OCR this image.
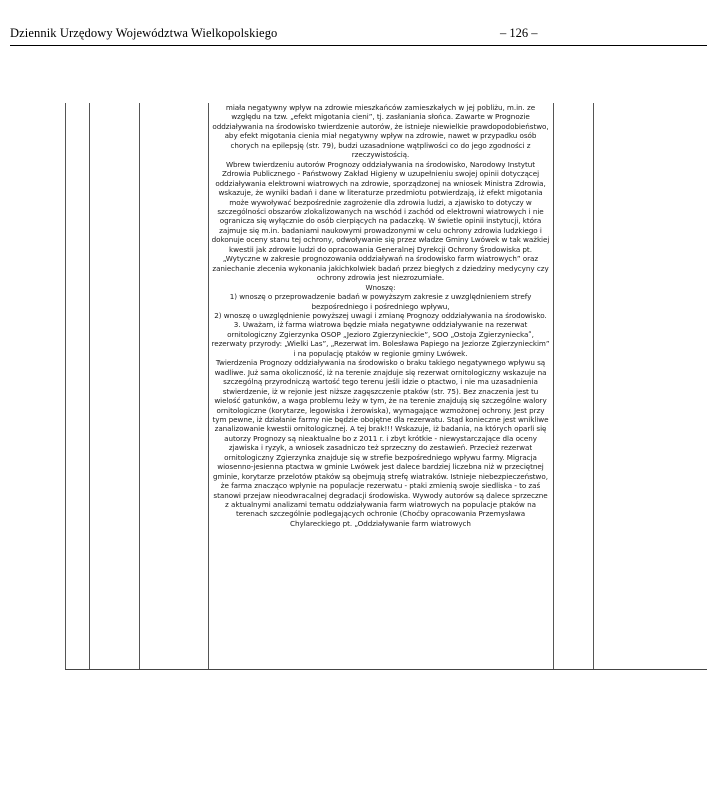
Dziennik Urzędowy Województwa Wielkopolskiego	– 126 –

miała negatywny wpływ na zdrowie mieszkańców zamieszkałych w jej pobliżu, m.in. ze względu na tzw. „efekt migotania cieni”, tj. zasłaniania słońca. Zawarte w Prognozie oddziaływania na środowisko twierdzenie autorów, że istnieje niewielkie prawdopodobieństwo, aby efekt migotania cienia miał negatywny wpływ na zdrowie, nawet w przypadku osób chorych na epilepsję (str. 79), budzi uzasadnione wątpliwości co do jego zgodności z rzeczywistością.

Wbrew twierdzeniu autorów Prognozy oddziaływania na środowisko, Narodowy Instytut Zdrowia Publicznego - Państwowy Zakład Higieny w uzupełnieniu swojej opinii dotyczącej oddziaływania elektrowni wiatrowych na zdrowie, sporządzonej na wniosek Ministra Zdrowia, wskazuje, że wyniki badań i dane w literaturze przedmiotu potwierdzają, iż efekt migotania może wywoływać bezpośrednie zagrożenie dla zdrowia ludzi, a zjawisko to dotyczy w szczególności obszarów zlokalizowanych na wschód i zachód od elektrowni wiatrowych i nie ogranicza się wyłącznie do osób cierpiących na padaczkę. W świetle opinii instytucji, która zajmuje się m.in. badaniami naukowymi prowadzonymi w celu ochrony zdrowia ludzkiego i dokonuje oceny stanu tej ochrony, odwoływanie się przez władze Gminy Lwówek w tak ważkiej kwestii jak zdrowie ludzi do opracowania Generalnej Dyrekcji Ochrony Środowiska pt. „Wytyczne w zakresie prognozowania oddziaływań na środowisko farm wiatrowych” oraz zaniechanie zlecenia wykonania jakichkolwiek badań przez biegłych z dziedziny medycyny czy ochrony zdrowia jest niezrozumiałe.

Wnoszę:

1) wnoszę o przeprowadzenie badań w powyższym zakresie z uwzględnieniem strefy bezpośredniego i pośredniego wpływu,

2) wnoszę o uwzględnienie powyższej uwagi i zmianę Prognozy oddziaływania na środowisko.

3. Uważam, iż farma wiatrowa będzie miała negatywne oddziaływanie na rezerwat ornitologiczny Zgierzynka OSOP „Jezioro Zgierzynieckie”, SOO „Ostoja Zgierzynieckaʺ, rezerwaty przyrody: „Wielki Las”, „Rezerwat im. Bolesława Papiego na Jeziorze Zgierzynieckim” i na populację ptaków w regionie gminy Lwówek.

Twierdzenia Prognozy oddziaływania na środowisko o braku takiego negatywnego wpływu są wadliwe. Już sama okoliczność, iż na terenie znajduje się rezerwat ornitologiczny wskazuje na szczególną przyrodniczą wartość tego terenu jeśli idzie o ptactwo, i nie ma uzasadnienia stwierdzenie, iż w rejonie jest niższe zagęszczenie ptaków (str. 75). Bez znaczenia jest tu wielość gatunków, a waga problemu leży w tym, że na terenie znajdują się szczególne walory ornitologiczne (korytarze, legowiska i żerowiska), wymagające wzmożonej ochrony. Jest przy tym pewne, iż działanie farmy nie będzie obojętne dla rezerwatu. Stąd konieczne jest wnikliwe zanalizowanie kwestii ornitologicznej. A tej brak!!! Wskazuje, iż badania, na których oparli się autorzy Prognozy są nieaktualne bo z 2011 r. i zbyt krótkie - niewystarczające dla oceny zjawiska i ryzyk, a wniosek zasadniczo też sprzeczny do zestawień. Przecież rezerwat ornitologiczny Zgierzynka znajduje się w strefie bezpośredniego wpływu farmy. Migracja wiosenno-jesienna ptactwa w gminie Lwówek jest dalece bardziej liczebna niż w przeciętnej gminie, korytarze przelotów ptaków są obejmują strefę wiatraków. Istnieje niebezpieczeństwo, że farma znacząco wpłynie na populacje rezerwatu - ptaki zmienią swoje siedliska - to zaś stanowi przejaw nieodwracalnej degradacji środowiska. Wywody autorów są dalece sprzeczne z aktualnymi analizami tematu oddziaływania farm wiatrowych na populacje ptaków na terenach szczególnie podlegających ochronie (Choćby opracowania Przemysława Chylareckiego pt. „Oddziaływanie farm wiatrowych
